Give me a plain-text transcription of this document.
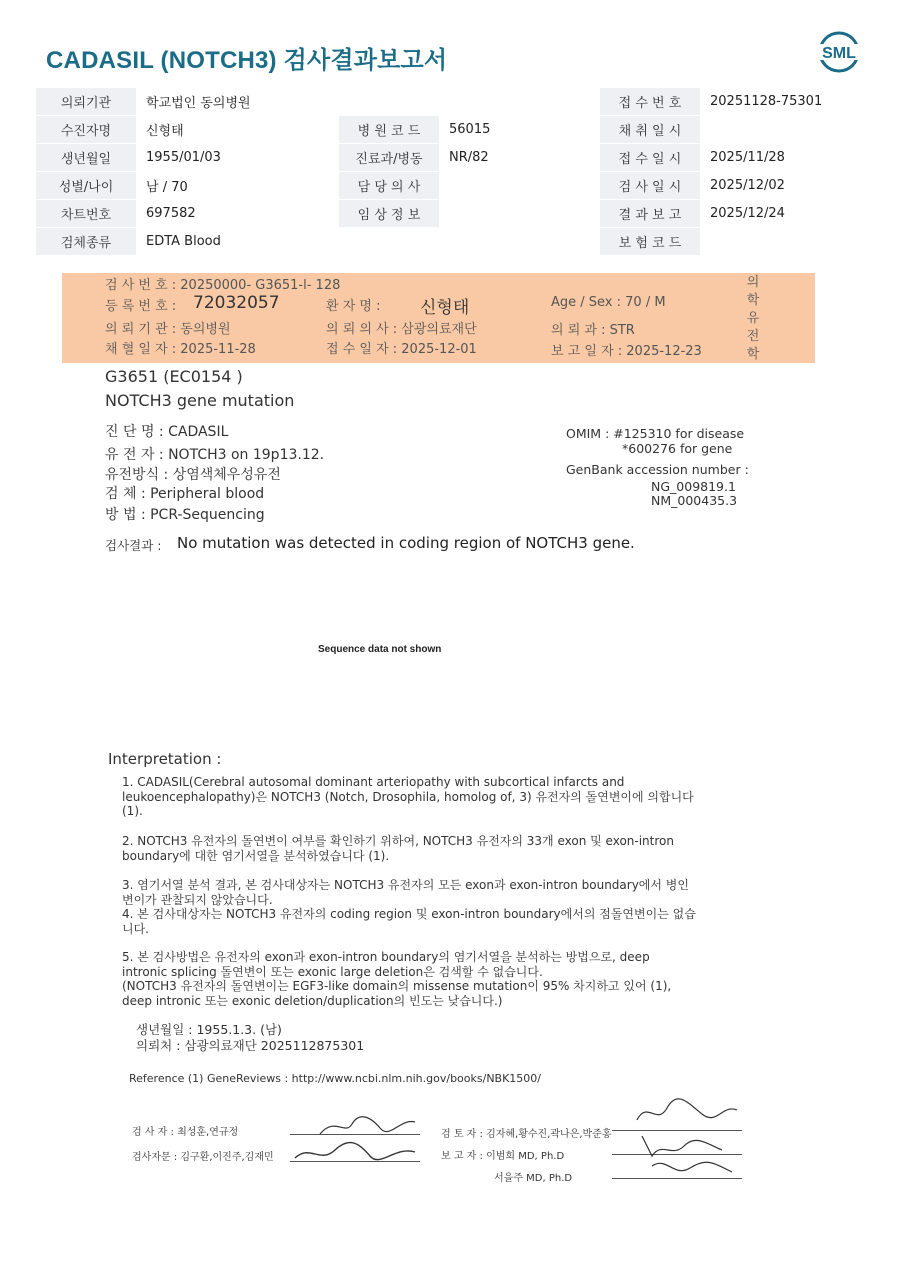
CADASIL (NOTCH3) 검사결과보고서	SML
의뢰기관	학교법인 동의병원			접 수 번 호	20251128-75301
수진자명	신형태	병 원 코 드	56015	채 취 일 시	
생년월일	1955/01/03	진료과/병동	NR/82	접 수 일 시	2025/11/28
성별/나이	남 / 70	담 당 의 사		검 사 일 시	2025/12/02
차트번호	697582	임 상 정 보		결 과 보 고	2025/12/24
검체종류	EDTA Blood			보 험 코 드	
검 사 번 호 : 20250000- G3651-l- 128
등 록 번 호 : 72032057	환 자 명 : 신형태	Age / Sex : 70 / M
의 뢰 기 관 : 동의병원	의 뢰 의 사 : 삼광의료재단	의 뢰 과 : STR
채 혈 일 자 : 2025-11-28	접 수 일 자 : 2025-12-01	보 고 일 자 : 2025-12-23
의학유전학
G3651 (EC0154 )
NOTCH3 gene mutation
진 단 명 : CADASIL
유 전 자 : NOTCH3 on 19p13.12.
유전방식 : 상염색체우성유전
검 체 : Peripheral blood
방 법 : PCR-Sequencing
OMIM : #125310 for disease
*600276 for gene
GenBank accession number :
NG_009819.1
NM_000435.3
검사결과 : No mutation was detected in coding region of NOTCH3 gene.
Sequence data not shown
Interpretation :
1. CADASIL(Cerebral autosomal dominant arteriopathy with subcortical infarcts and
leukoencephalopathy)은 NOTCH3 (Notch, Drosophila, homolog of, 3) 유전자의 돌연변이에 의합니다
(1).
2. NOTCH3 유전자의 돌연변이 여부를 확인하기 위하여, NOTCH3 유전자의 33개 exon 및 exon-intron
boundary에 대한 염기서열을 분석하였습니다 (1).
3. 염기서열 분석 결과, 본 검사대상자는 NOTCH3 유전자의 모든 exon과 exon-intron boundary에서 병인
변이가 관찰되지 않았습니다.
4. 본 검사대상자는 NOTCH3 유전자의 coding region 및 exon-intron boundary에서의 점돌연변이는 없습
니다.
5. 본 검사방법은 유전자의 exon과 exon-intron boundary의 염기서열을 분석하는 방법으로, deep
intronic splicing 돌연변이 또는 exonic large deletion은 검색할 수 없습니다.
(NOTCH3 유전자의 돌연변이는 EGF3-like domain의 missense mutation이 95% 차지하고 있어 (1),
deep intronic 또는 exonic deletion/duplication의 빈도는 낮습니다.)
생년월일 : 1955.1.3. (남)
의뢰처 : 삼광의료재단 2025112875301
Reference (1) GeneReviews : http://www.ncbi.nlm.nih.gov/books/NBK1500/
검 사 자 : 최성훈,연규정
검사자문 : 김구환,이진주,김재민
검 토 자 : 김자혜,황수진,곽나은,박준홍
보 고 자 : 이범희 MD, Ph.D
서을주 MD, Ph.D
